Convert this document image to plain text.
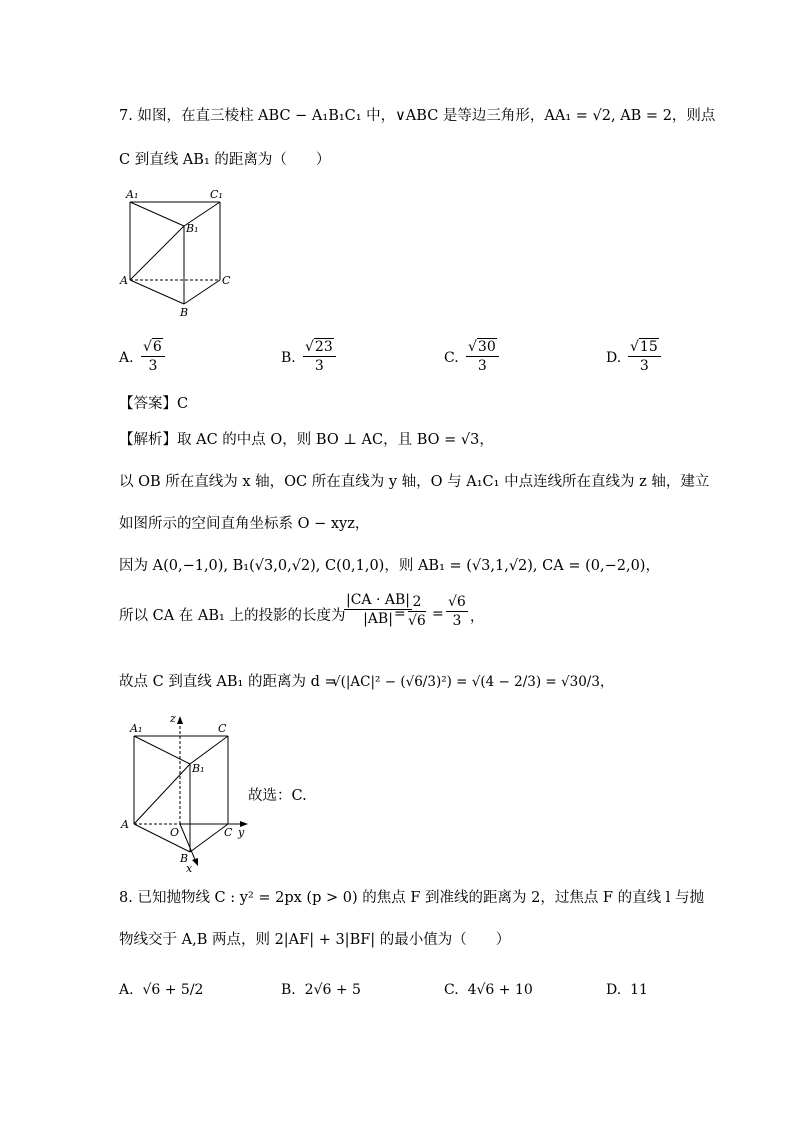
7. 如图，在直三棱柱 ABC − A₁B₁C₁ 中，∨ABC 是等边三角形，AA₁ = √2, AB = 2，则点
C 到直线 AB₁ 的距离为（　　）
A₁	C₁
B₁
A	C
B
A. $\frac{√6}{3}$	B. $\frac{√23}{3}$	C. $\frac{√30}{3}$	D. $\frac{√15}{3}$
【答案】C
【解析】取 AC 的中点 O，则 BO ⊥ AC，且 BO = √3，
以 OB 所在直线为 x 轴，OC 所在直线为 y 轴，O 与 A₁C₁ 中点连线所在直线为 z 轴，建立
如图所示的空间直角坐标系 O − xyz，
因为 A(0,−1,0), B₁(√3,0,√2), C(0,1,0)，则 AB₁ = (√3,1,√2), CA = (0,−2,0)，
所以 CA 在 AB₁ 上的投影的长度为
$\frac{|CA \cdot AB|}{|AB|}$
= $\frac{2}{√6} = \frac{√6}{3}$ ，
故点 C 到直线 AB₁ 的距离为 d =
√(|AC|² − (√6/3)²) = √(4 − 2/3) = √30/3，
z
A₁	C
B₁
A
O	C y
B
x
故选：C.
8. 已知抛物线 C : y² = 2px (p > 0) 的焦点 F 到准线的距离为 2，过焦点 F 的直线 l 与抛
物线交于 A,B 两点，则 2|AF| + 3|BF| 的最小值为（　　）
A. √6 + 5/2	B. 2√6 + 5	C. 4√6 + 10	D. 11
